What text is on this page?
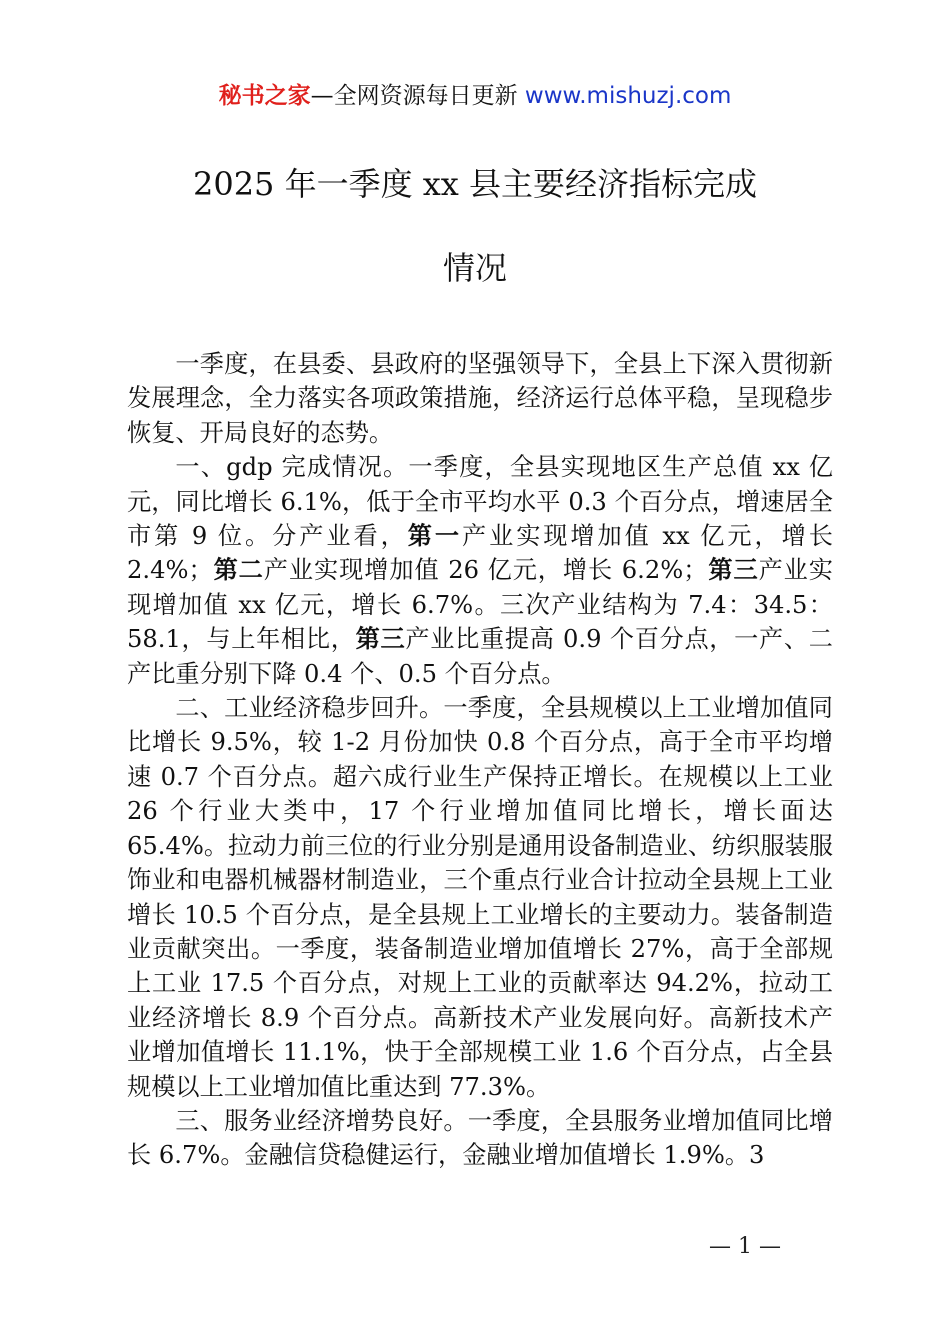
秘书之家—全网资源每日更新 www.mishuzj.com
2025 年一季度 xx 县主要经济指标完成
情况

一季度，在县委、县政府的坚强领导下，全县上下深入贯彻新发展理念，全力落实各项政策措施，经济运行总体平稳，呈现稳步恢复、开局良好的态势。

一、gdp 完成情况。一季度，全县实现地区生产总值 xx 亿元，同比增长 6.1%，低于全市平均水平 0.3 个百分点，增速居全市第 9 位。分产业看，第一产业实现增加值 xx 亿元，增长 2.4%；第二产业实现增加值 26 亿元，增长 6.2%；第三产业实现增加值 xx 亿元，增长 6.7%。三次产业结构为 7.4：34.5：58.1，与上年相比，第三产业比重提高 0.9 个百分点，一产、二产比重分别下降 0.4 个、0.5 个百分点。

二、工业经济稳步回升。一季度，全县规模以上工业增加值同比增长 9.5%，较 1-2 月份加快 0.8 个百分点，高于全市平均增速 0.7 个百分点。超六成行业生产保持正增长。在规模以上工业 26 个行业大类中，17 个行业增加值同比增长，增长面达 65.4%。拉动力前三位的行业分别是通用设备制造业、纺织服装服饰业和电器机械器材制造业，三个重点行业合计拉动全县规上工业增长 10.5 个百分点，是全县规上工业增长的主要动力。装备制造业贡献突出。一季度，装备制造业增加值增长 27%，高于全部规上工业 17.5 个百分点，对规上工业的贡献率达 94.2%，拉动工业经济增长 8.9 个百分点。高新技术产业发展向好。高新技术产业增加值增长 11.1%，快于全部规模工业 1.6 个百分点，占全县规模以上工业增加值比重达到 77.3%。

三、服务业经济增势良好。一季度，全县服务业增加值同比增长 6.7%。金融信贷稳健运行，金融业增加值增长 1.9%。3

— 1 —
